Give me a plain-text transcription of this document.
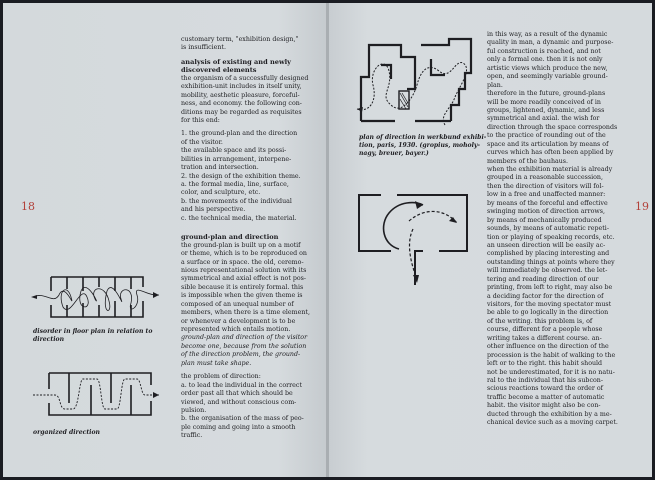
18
customary term, "exhibition design,"
is insufficient.
analysis of existing and newly
discovered elements
the organism of a successfully designed
exhibition-unit includes in itself unity,
mobility, aesthetic pleasure, forceful-
ness, and economy. the following con-
ditions may be regarded as requisites
for this end:
1. the ground-plan and the direction
of the visitor.
the available space and its possi-
bilities in arrangement, interpene-
tration and intersection.
2. the design of the exhibition theme.
a. the formal media, line, surface,
color, and sculpture, etc.
b. the movements of the individual
and his perspective.
c. the technical media, the material.
ground-plan and direction
the ground-plan is built up on a motif
or theme, which is to be reproduced on
a surface or in space. the old, ceremo-
nious representational solution with its
symmetrical and axial effect is not pos-
sible because it is entirely formal. this
is impossible when the given theme is
composed of an unequal number of
members, when there is a time element,
or whenever a development is to be
represented which entails motion.
ground-plan and direction of the visitor
become one, because from the solution
of the direction problem, the ground-
plan must take shape.
the problem of direction:
a. to lead the individual in the correct
order past all that which should be
viewed, and without conscious com-
pulsion.
b. the organisation of the mass of peo-
ple coming and going into a smooth
traffic.
disorder in floor plan in relation to
direction
organized direction
19
plan of direction in werkbund exhibi-
tion, paris, 1930. (gropius, moholy-
nagy, breuer, bayer.)
in this way, as a result of the dynamic
quality in man, a dynamic and purpose-
ful construction is reached, and not
only a formal one. then it is not only
artistic views which produce the new,
open, and seemingly variable ground-
plan.
therefore in the future, ground-plans
will be more readily conceived of in
groups, lightened, dynamic, and less
symmetrical and axial. the wish for
direction through the space corresponds
to the practice of rounding out of the
space and its articulation by means of
curves which has often been applied by
members of the bauhaus.
when the exhibition material is already
grouped in a reasonable succession,
then the direction of visitors will fol-
low in a free and unaffected manner:
by means of the forceful and effective
swinging motion of direction arrows,
by means of mechanically produced
sounds, by means of automatic repeti-
tion or playing of speaking records, etc.
an unseen direction will be easily ac-
complished by placing interesting and
outstanding things at points where they
will immediately be observed. the let-
tering and reading direction of our
printing, from left to right, may also be
a deciding factor for the direction of
visitors, for the moving spectator must
be able to go logically in the direction
of the writing. this problem is, of
course, different for a people whose
writing takes a different course. an-
other influence on the direction of the
procession is the habit of walking to the
left or to the right. this habit should
not be underestimated, for it is no natu-
ral to the individual that his subcon-
scious reactions toward the order of
traffic become a matter of automatic
habit. the visitor might also be con-
ducted through the exhibition by a me-
chanical device such as a moving carpet.
